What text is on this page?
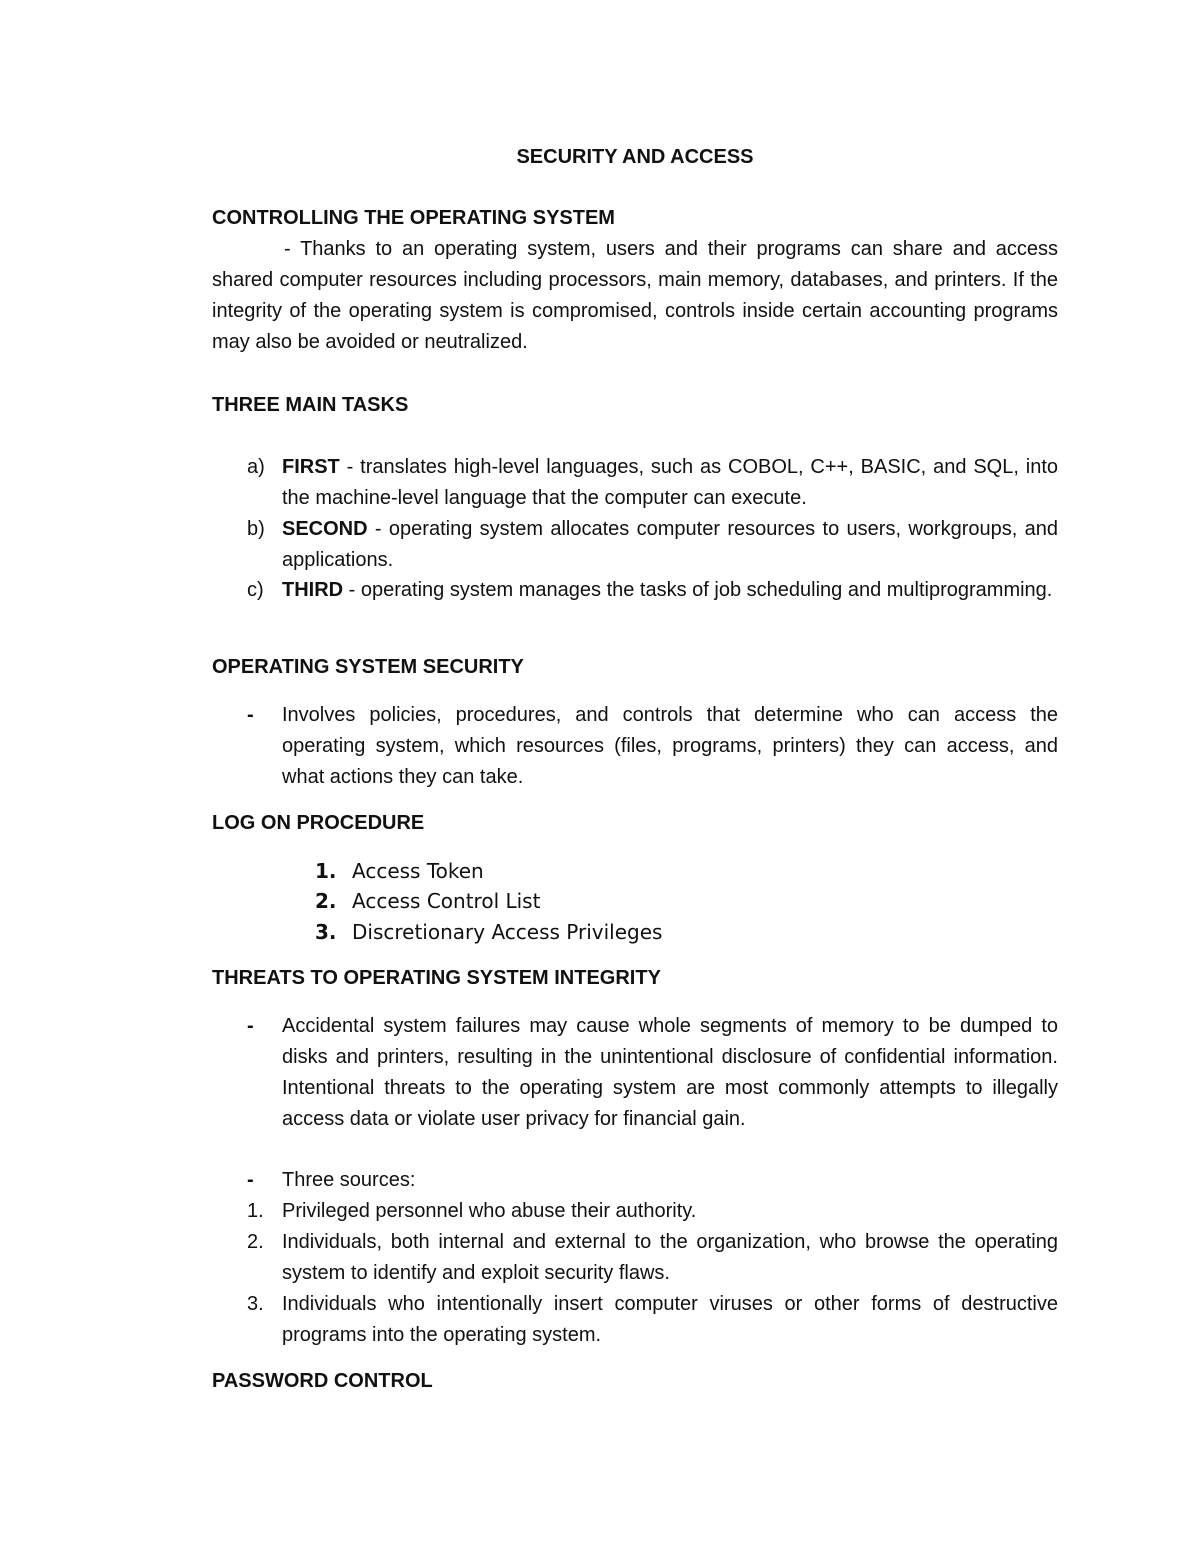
SECURITY AND ACCESS
CONTROLLING THE OPERATING SYSTEM
- Thanks to an operating system, users and their programs can share and access shared computer resources including processors, main memory, databases, and printers. If the integrity of the operating system is compromised, controls inside certain accounting programs may also be avoided or neutralized.
THREE MAIN TASKS
a) FIRST - translates high-level languages, such as COBOL, C++, BASIC, and SQL, into the machine-level language that the computer can execute.
b) SECOND - operating system allocates computer resources to users, workgroups, and applications.
c) THIRD - operating system manages the tasks of job scheduling and multiprogramming.
OPERATING SYSTEM SECURITY
-	Involves policies, procedures, and controls that determine who can access the operating system, which resources (files, programs, printers) they can access, and what actions they can take.
LOG ON PROCEDURE
1. Access Token
2. Access Control List
3. Discretionary Access Privileges
THREATS TO OPERATING SYSTEM INTEGRITY
-	Accidental system failures may cause whole segments of memory to be dumped to disks and printers, resulting in the unintentional disclosure of confidential information. Intentional threats to the operating system are most commonly attempts to illegally access data or violate user privacy for financial gain.
-	Three sources:
1. Privileged personnel who abuse their authority.
2. Individuals, both internal and external to the organization, who browse the operating system to identify and exploit security flaws.
3. Individuals who intentionally insert computer viruses or other forms of destructive programs into the operating system.
PASSWORD CONTROL
